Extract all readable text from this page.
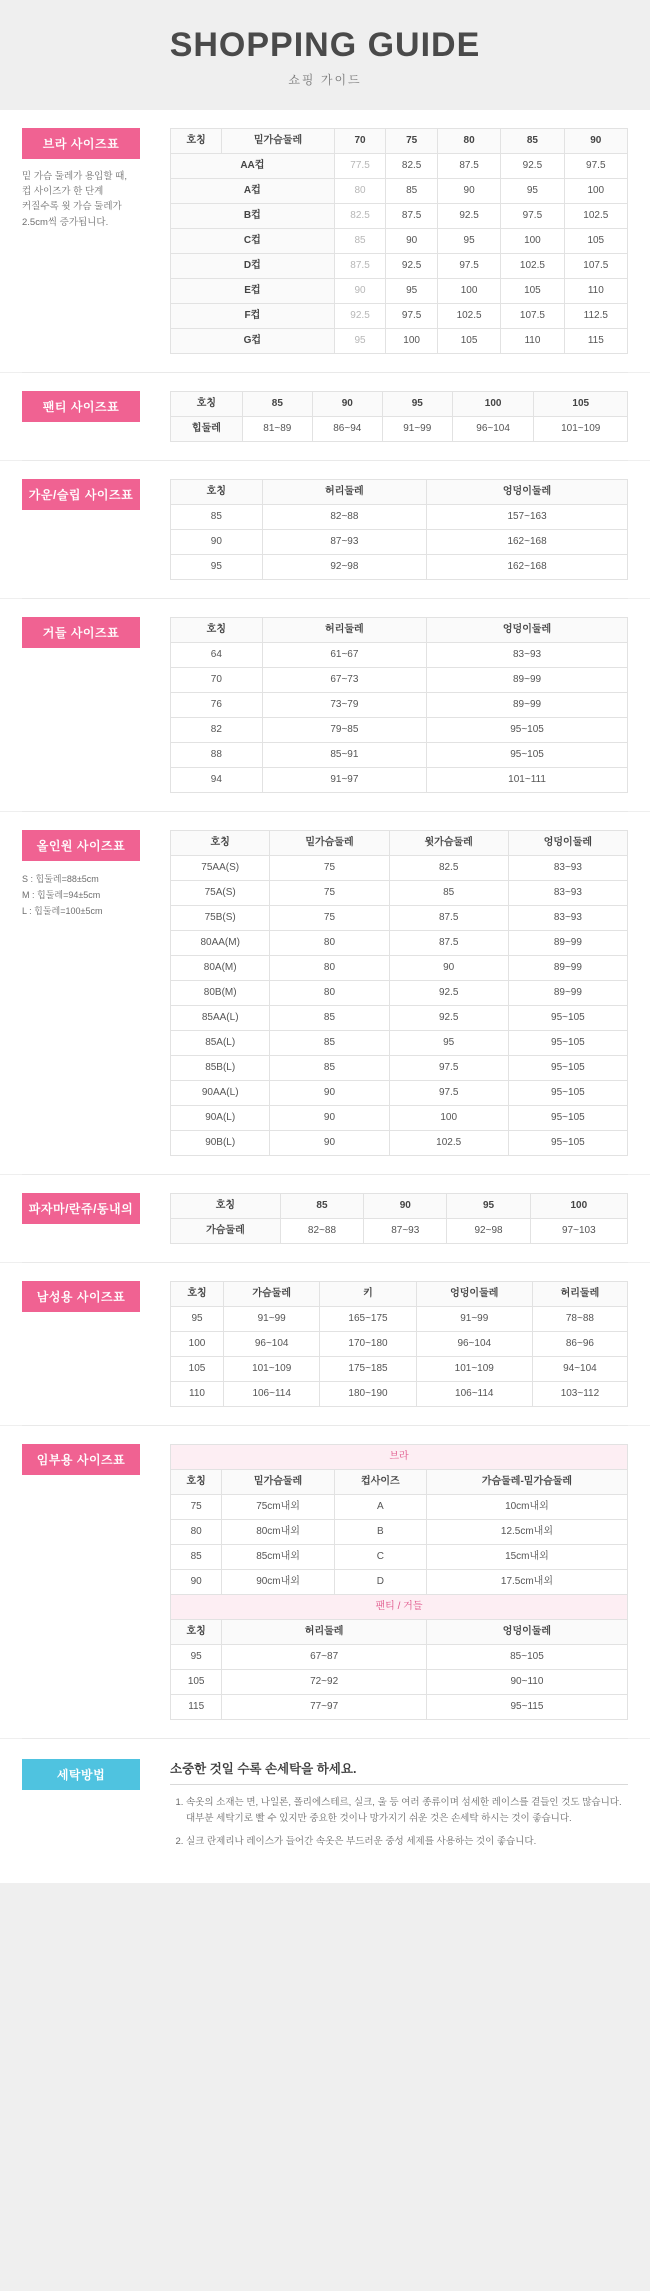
SHOPPING GUIDE
쇼핑 가이드
브라 사이즈표
밑 가슴 둘레가 용입할 때,
컵 사이즈가 한 단계
커질수록 윗 가슴 둘레가
2.5cm씩 증가됩니다.
호칭	밑가슴둘레	70	75	80	85	90
AA컵		77.5	82.5	87.5	92.5	97.5
A컵		80	85	90	95	100
B컵		82.5	87.5	92.5	97.5	102.5
C컵		85	90	95	100	105
D컵		87.5	92.5	97.5	102.5	107.5
E컵		90	95	100	105	110
F컵		92.5	97.5	102.5	107.5	112.5
G컵		95	100	105	110	115
팬티 사이즈표	호칭	85	90	95	100	105
힙둘레	81~89	86~94	91~99	96~104	101~109
가운/슬립 사이즈표	호칭	허리둘레	엉덩이둘레
85	82~88	157~163
90	87~93	162~168
95	92~98	162~168
거들 사이즈표	호칭	허리둘레	엉덩이둘레
64	61~67	83~93
70	67~73	89~99
76	73~79	89~99
82	79~85	95~105
88	85~91	95~105
94	91~97	101~111
올인원 사이즈표
S : 힙둘레=88±5cm
M : 힙둘레=94±5cm
L : 힙둘레=100±5cm
호칭	밑가슴둘레	윗가슴둘레	엉덩이둘레
75AA(S)	75	82.5	83~93
75A(S)	75	85	83~93
75B(S)	75	87.5	83~93
80AA(M)	80	87.5	89~99
80A(M)	80	90	89~99
80B(M)	80	92.5	89~99
85AA(L)	85	92.5	95~105
85A(L)	85	95	95~105
85B(L)	85	97.5	95~105
90AA(L)	90	97.5	95~105
90A(L)	90	100	95~105
90B(L)	90	102.5	95~105
파자마/란쥬/동내의	호칭	85	90	95	100
가슴둘레	82~88	87~93	92~98	97~103
남성용 사이즈표	호칭	가슴둘레	키	엉덩이둘레	허리둘레
95	91~99	165~175	91~99	78~88
100	96~104	170~180	96~104	86~96
105	101~109	175~185	101~109	94~104
110	106~114	180~190	106~114	103~112
임부용 사이즈표	브라			
호칭	밑가슴둘레	컵사이즈	가슴둘레-밑가슴둘레
75	75cm내외	A	10cm내외
80	80cm내외	B	12.5cm내외
85	85cm내외	C	15cm내외
90	90cm내외	D	17.5cm내외
팬티 / 거들			
호칭	허리둘레		엉덩이둘레
95	67~87		85~105
105	72~92		90~110
115	77~97		95~115
세탁방법	소중한 것일 수록 손세탁을 하세요.
1. 속옷의 소재는 면, 나일론, 폴리에스테르, 실크, 울 등 여러 종류이며 섬세한 레이스를 곁들인 것도 많습니다. 대부분 세탁기로 빨 수 있지만 중요한 것이나 망가지기 쉬운 것은 손세탁 하시는 것이 좋습니다.
2. 실크 란제리나 레이스가 들어간 속옷은 부드러운 중성 세제를 사용하는 것이 좋습니다.
